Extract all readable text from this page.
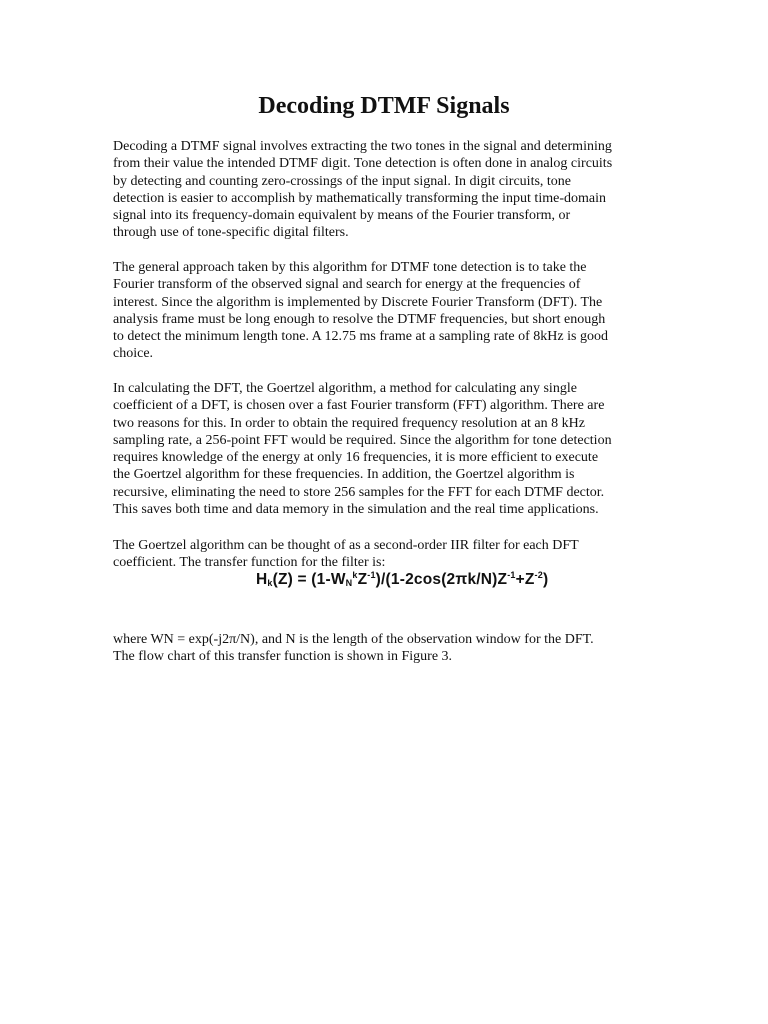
Decoding DTMF Signals

Decoding a DTMF signal involves extracting the two tones in the signal and determining
from their value the intended DTMF digit. Tone detection is often done in analog circuits
by detecting and counting zero-crossings of the input signal. In digit circuits, tone
detection is easier to accomplish by mathematically transforming the input time-domain
signal into its frequency-domain equivalent by means of the Fourier transform, or
through use of tone-specific digital filters.

The general approach taken by this algorithm for DTMF tone detection is to take the
Fourier transform of the observed signal and search for energy at the frequencies of
interest. Since the algorithm is implemented by Discrete Fourier Transform (DFT). The
analysis frame must be long enough to resolve the DTMF frequencies, but short enough
to detect the minimum length tone. A 12.75 ms frame at a sampling rate of 8kHz is good
choice.

In calculating the DFT, the Goertzel algorithm, a method for calculating any single
coefficient of a DFT, is chosen over a fast Fourier transform (FFT) algorithm. There are
two reasons for this. In order to obtain the required frequency resolution at an 8 kHz
sampling rate, a 256-point FFT would be required. Since the algorithm for tone detection
requires knowledge of the energy at only 16 frequencies, it is more efficient to execute
the Goertzel algorithm for these frequencies. In addition, the Goertzel algorithm is
recursive, eliminating the need to store 256 samples for the FFT for each DTMF dector.
This saves both time and data memory in the simulation and the real time applications.

The Goertzel algorithm can be thought of as a second-order IIR filter for each DFT
coefficient. The transfer function for the filter is:

$H_k(Z) = (1-W_N^kZ^{-1})/(1-2\cos(2\pi k/N)Z^{-1}+Z^{-2})$

where WN = exp(-j2π/N), and N is the length of the observation window for the DFT.
The flow chart of this transfer function is shown in Figure 3.
